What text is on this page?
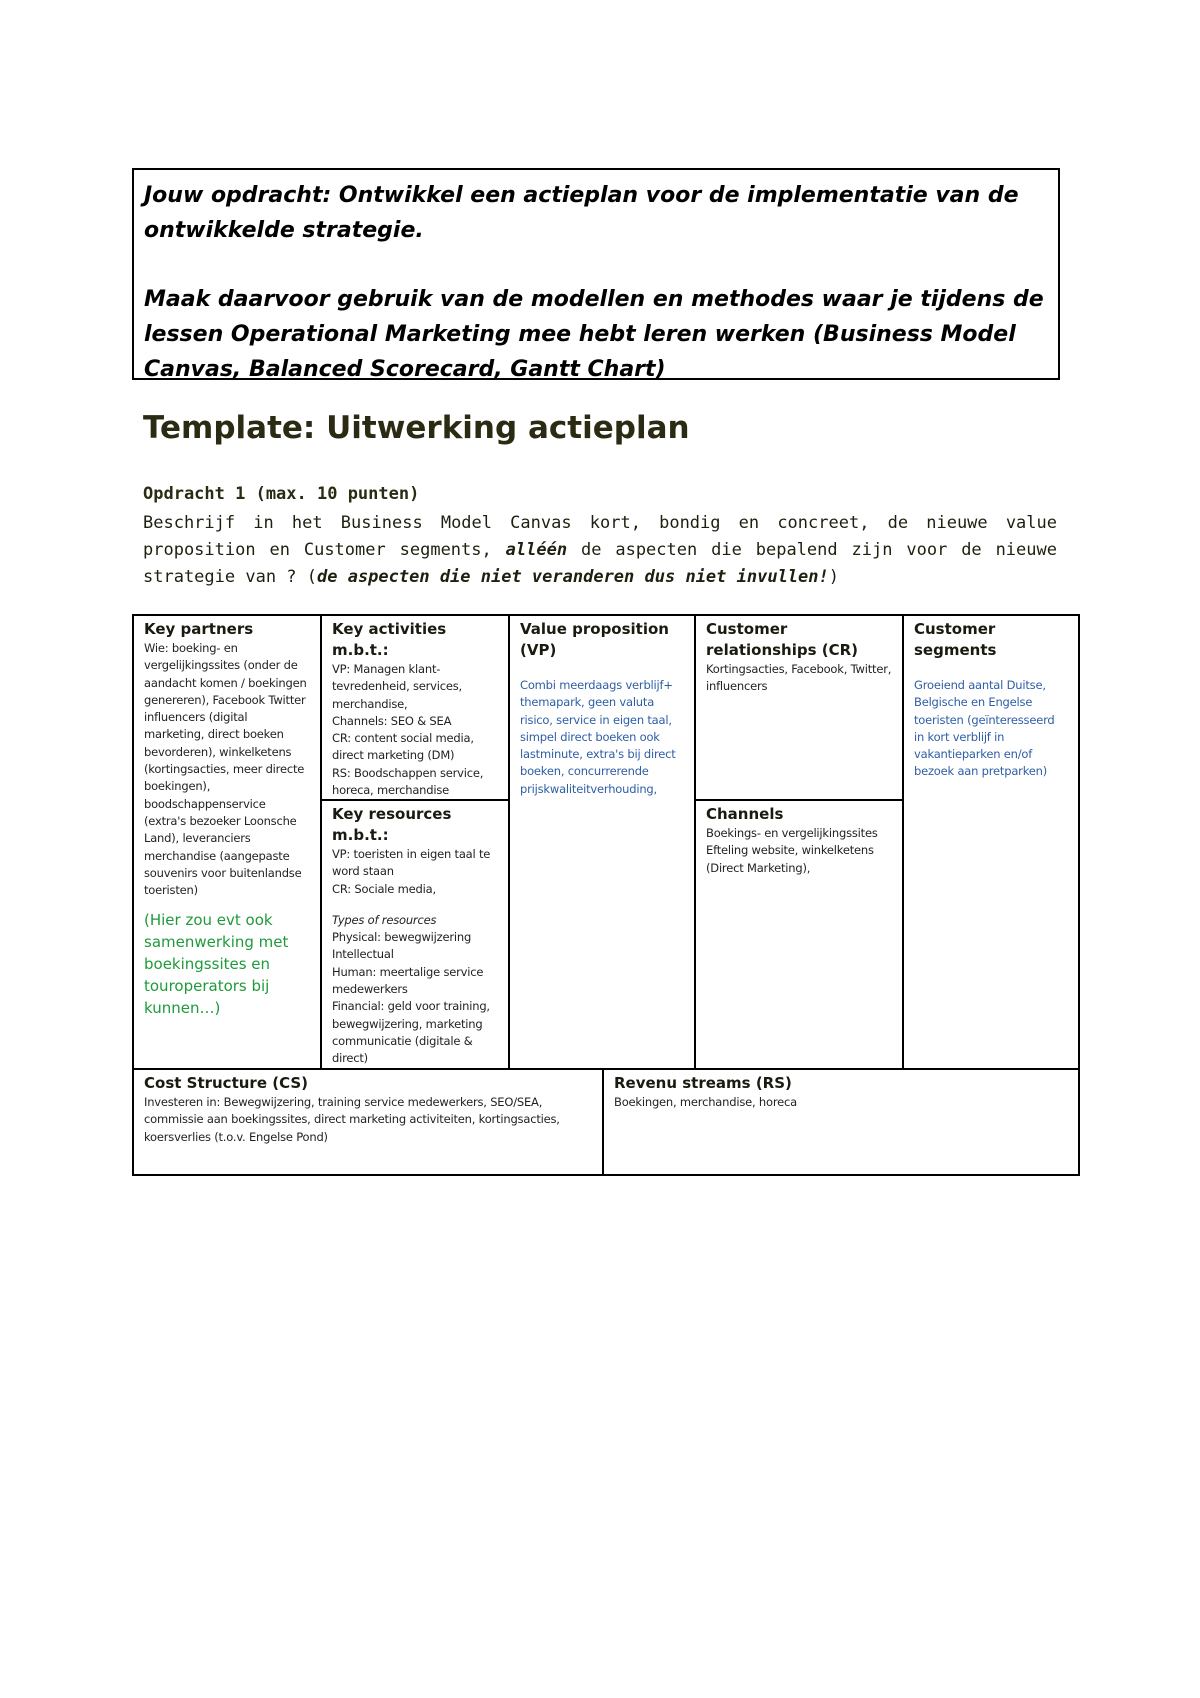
Jouw opdracht: Ontwikkel een actieplan voor de implementatie van de ontwikkelde strategie.

Maak daarvoor gebruik van de modellen en methodes waar je tijdens de lessen Operational Marketing mee hebt leren werken (Business Model Canvas, Balanced Scorecard, Gantt Chart)

Template: Uitwerking actieplan
Opdracht 1 (max. 10 punten)

Beschrijf in het Business Model Canvas kort, bondig en concreet, de nieuwe value proposition en Customer segments, alléén de aspecten die bepalend zijn voor de nieuwe strategie van ? (de aspecten die niet veranderen dus niet invullen!)

Key partners
Wie: boeking- en vergelijkingssites (onder de aandacht komen / boekingen genereren), Facebook Twitter influencers (digital marketing, direct boeken bevorderen), winkelketens (kortingsacties, meer directe boekingen), boodschappenservice (extra's bezoeker Loonsche Land), leveranciers merchandise (aangepaste souvenirs voor buitenlandse toeristen)
(Hier zou evt ook samenwerking met boekingssites en touroperators bij kunnen…)
Key activities m.b.t.:
VP: Managen klant-tevredenheid, services, merchandise,
Channels: SEO & SEA
CR: content social media, direct marketing (DM)
RS: Boodschappen service, horeca, merchandise
Key resources m.b.t.:
VP: toeristen in eigen taal te word staan
CR: Sociale media,
Types of resources
Physical: bewegwijzering
Intellectual
Human: meertalige service medewerkers
Financial: geld voor training, bewegwijzering, marketing communicatie (digitale & direct)
Value proposition (VP)
Combi meerdaags verblijf+ themapark, geen valuta risico, service in eigen taal, simpel direct boeken ook lastminute, extra's bij direct boeken, concurrerende prijskwaliteitverhouding,
Customer relationships (CR)
Kortingsacties, Facebook, Twitter, influencers
Channels
Boekings- en vergelijkingssites
Efteling website, winkelketens (Direct Marketing),
Customer segments
Groeiend aantal Duitse, Belgische en Engelse toeristen (geïnteresseerd in kort verblijf in vakantieparken en/of bezoek aan pretparken)
Cost Structure (CS)
Investeren in: Bewegwijzering, training service medewerkers, SEO/SEA, commissie aan boekingssites, direct marketing activiteiten, kortingsacties, koersverlies (t.o.v. Engelse Pond)
Revenu streams (RS)
Boekingen, merchandise, horeca
